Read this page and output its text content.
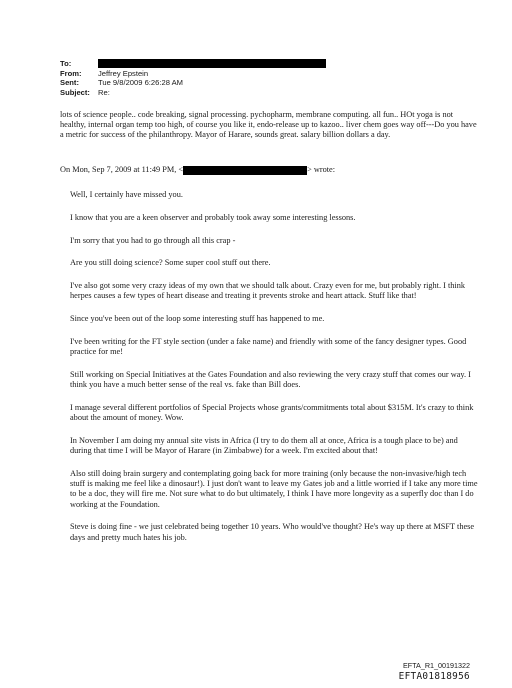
To:
From:	Jeffrey Epstein
Sent:	Tue 9/8/2009 6:26:28 AM
Subject:	Re:
lots of science people.. code breaking, signal processing. pychopharm, membrane computing. all fun.. HOt yoga is not healthy, internal organ temp too high, of course you like it, endo-release up to kazoo.. liver chem goes way off---Do you have a metric for success of the philanthropy. Mayor of Harare, sounds great. salary billion dollars a day.
On Mon, Sep 7, 2009 at 11:49 PM, <	> wrote:

Well, I certainly have missed you.

I know that you are a keen observer and probably took away some interesting lessons.

I'm sorry that you had to go through all this crap -

Are you still doing science? Some super cool stuff out there.

I've also got some very crazy ideas of my own that we should talk about. Crazy even for me, but probably right. I think herpes causes a few types of heart disease and treating it prevents stroke and heart attack. Stuff like that!

Since you've been out of the loop some interesting stuff has happened to me.

I've been writing for the FT style section (under a fake name) and friendly with some of the fancy designer types. Good practice for me!

Still working on Special Initiatives at the Gates Foundation and also reviewing the very crazy stuff that comes our way. I think you have a much better sense of the real vs. fake than Bill does.

I manage several different portfolios of Special Projects whose grants/commitments total about $315M. It's crazy to think about the amount of money. Wow.

In November I am doing my annual site vists in Africa (I try to do them all at once, Africa is a tough place to be) and during that time I will be Mayor of Harare (in Zimbabwe) for a week. I'm excited about that!

Also still doing brain surgery and contemplating going back for more training (only because the non-invasive/high tech stuff is making me feel like a dinosaur!). I just don't want to leave my Gates job and a little worried if I take any more time to be a doc, they will fire me. Not sure what to do but ultimately, I think I have more longevity as a superfly doc than I do working at the Foundation.

Steve is doing fine - we just celebrated being together 10 years. Who would've thought? He's way up there at MSFT these days and pretty much hates his job.

EFTA_R1_00191322
EFTA01818956
